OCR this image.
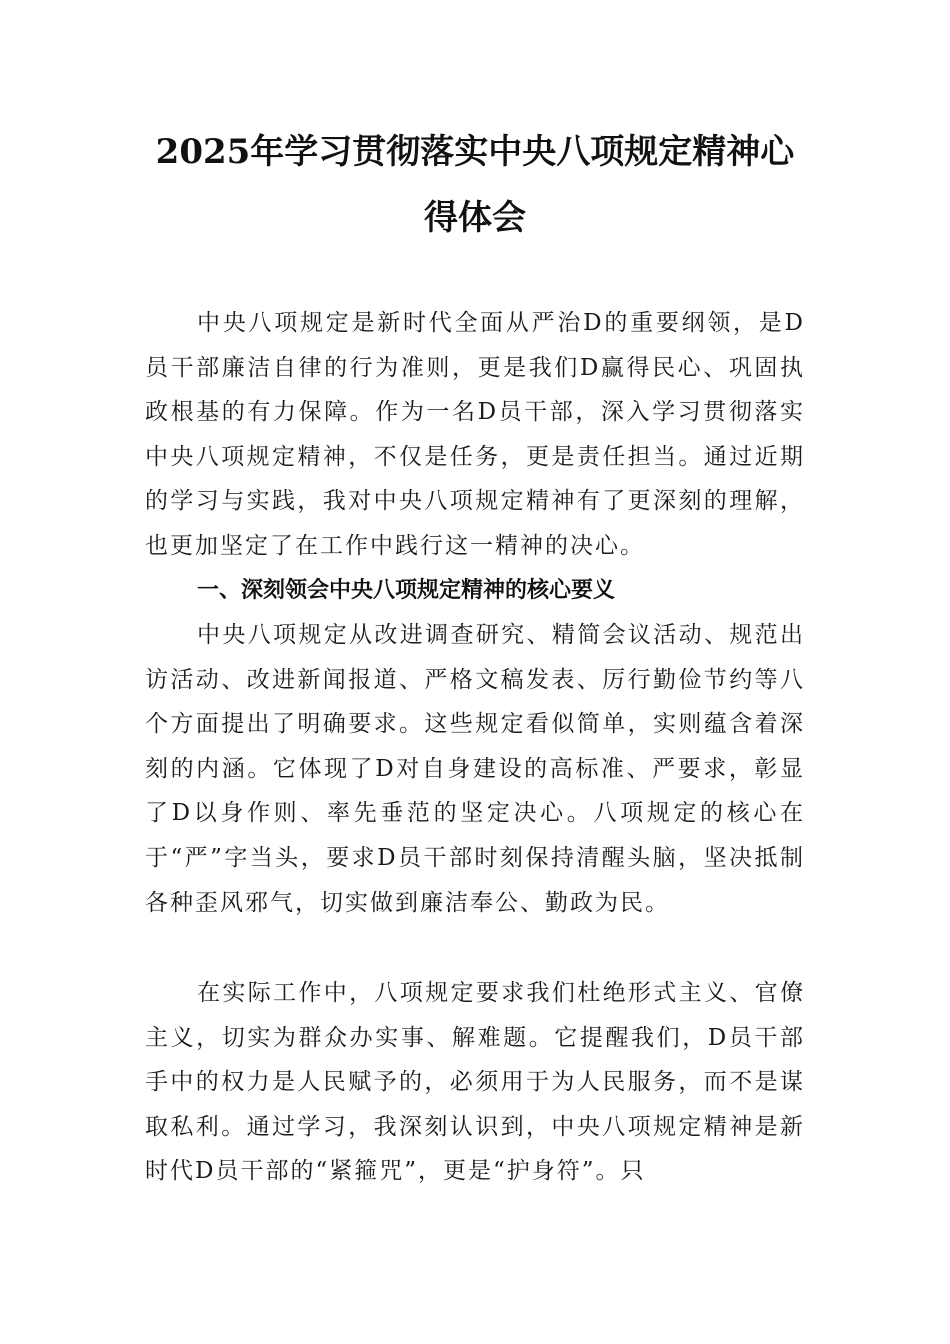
2025年学习贯彻落实中央八项规定精神心
得体会

中央八项规定是新时代全面从严治D的重要纲领，是D员干部廉洁自律的行为准则，更是我们D赢得民心、巩固执政根基的有力保障。作为一名D员干部，深入学习贯彻落实中央八项规定精神，不仅是任务，更是责任担当。通过近期的学习与实践，我对中央八项规定精神有了更深刻的理解，也更加坚定了在工作中践行这一精神的决心。

一、深刻领会中央八项规定精神的核心要义

中央八项规定从改进调查研究、精简会议活动、规范出访活动、改进新闻报道、严格文稿发表、厉行勤俭节约等八个方面提出了明确要求。这些规定看似简单，实则蕴含着深刻的内涵。它体现了D对自身建设的高标准、严要求，彰显了D以身作则、率先垂范的坚定决心。八项规定的核心在于“严”字当头，要求D员干部时刻保持清醒头脑，坚决抵制各种歪风邪气，切实做到廉洁奉公、勤政为民。

在实际工作中，八项规定要求我们杜绝形式主义、官僚主义，切实为群众办实事、解难题。它提醒我们，D员干部手中的权力是人民赋予的，必须用于为人民服务，而不是谋取私利。通过学习，我深刻认识到，中央八项规定精神是新时代D员干部的“紧箍咒”，更是“护身符”。只
